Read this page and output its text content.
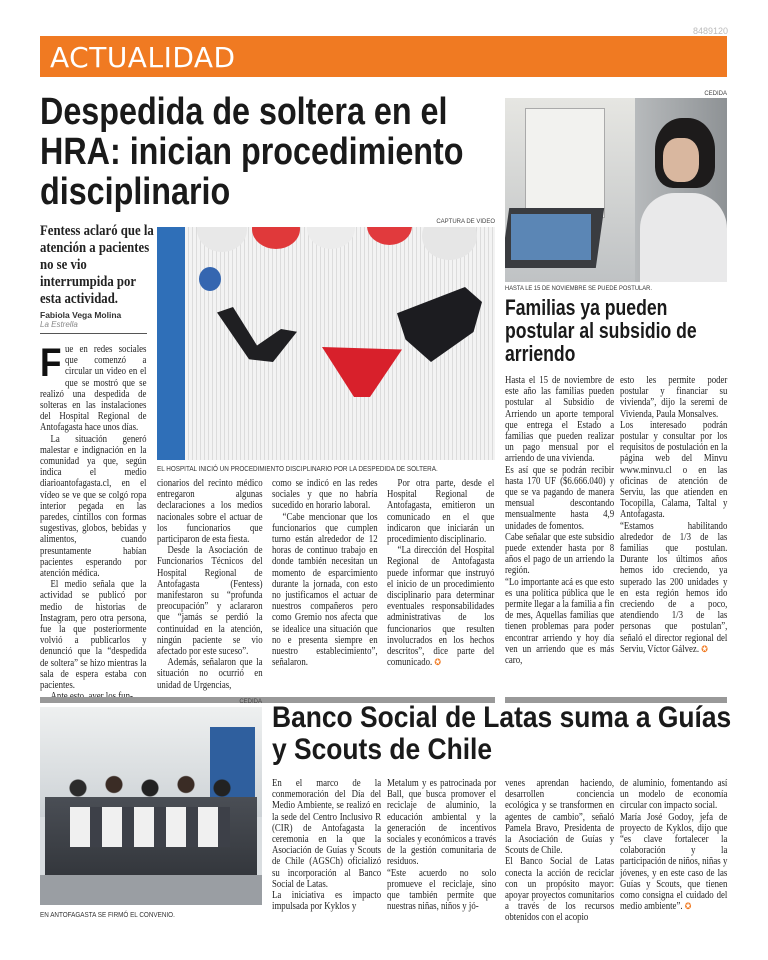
8489120
ACTUALIDAD
Despedida de soltera en el HRA: inician procedimiento disciplinario
Fentess aclaró que la atención a pacientes no se vio interrumpida por esta actividad.
Fabiola Vega Molina
La Estrella
CAPTURA DE VIDEO
EL HOSPITAL INICIÓ UN PROCEDIMIENTO DISCIPLINARIO POR LA DESPEDIDA DE SOLTERA.
F ue en redes sociales que comenzó a circular un video en el que se mostró que se realizó una despedida de solteras en las instalaciones del Hospital Regional de Antofagasta hace unos días.

La situación generó malestar e indignación en la comunidad ya que, según indica el medio diarioantofagasta.cl, en el vídeo se ve que se colgó ropa interior pegada en las paredes, cintillos con formas sugestivas, globos, bebidas y alimentos, cuando presuntamente habían pacientes esperando por atención médica.

El medio señala que la actividad se publicó por medio de historias de Instagram, pero otra persona, fue la que posteriormente volvió a publicarlos y denunció que la “despedida de soltera” se hizo mientras la sala de espera estaba con pacientes.

cionarios del recinto médico entregaron algunas declaraciones a los medios nacionales sobre el actuar de los funcionarios que participaron de esta fiesta.

Desde la Asociación de Funcionarios Técnicos del Hospital Regional de Antofagasta (Fentess) manifestaron su “profunda preocupación” y aclararon que “jamás se perdió la continuidad en la atención, ningún paciente se vio afectado por este suceso”.

Además, señalaron que la situación no ocurrió en unidad de Urgencias,

como se indicó en las redes sociales y que no habría sucedido en horario laboral.

“Cabe mencionar que los funcionarios que cumplen turno están alrededor de 12 horas de continuo trabajo en donde también necesitan un momento de esparcimiento durante la jornada, con esto no justificamos el actuar de nuestros compañeros pero como Gremio nos afecta que se idealice una situación que no e presenta siempre en nuestro establecimiento”, señalaron.

Por otra parte, desde el Hospital Regional de Antofagasta, emitieron un comunicado en el que indicaron que iniciarán un procedimiento disciplinario.

“La dirección del Hospital Regional de Antofagasta puede informar que instruyó el inicio de un procedimiento disciplinario para determinar eventuales responsabilidades administrativas de los funcionarios que resulten involucrados en los hechos descritos”, dice parte del comunicado. ✪

CEDIDA
HASTA LE 15 DE NOVIEMBRE SE PUEDE POSTULAR.
Familias ya pueden postular al subsidio de arriendo

Hasta el 15 de noviembre de este año las familias pueden postular al Subsidio de Arriendo un aporte temporal que entrega el Estado a familias que pueden realizar un pago mensual por el arriendo de una vivienda.

Es así que se podrán recibir hasta 170 UF ($6.666.040) y que se va pagando de manera mensual descontando mensualmente hasta 4,9 unidades de fomentos.

Cabe señalar que este subsidio puede extender hasta por 8 años el pago de un arriendo la región.

“Lo importante acá es que esto es una política pública que le permite llegar a la familia a fin de mes, Aquellas familias que tienen problemas para poder encontrar arriendo y hoy día ven un arriendo que es más caro,

esto les permite poder postular y financiar su vivienda”, dijo la seremi de Vivienda, Paula Monsalves.

Los interesado podrán postular y consultar por los requisitos de postulación en la página web del Minvu www.minvu.cl o en las oficinas de atención de Serviu, las que atienden en Tocopilla, Calama, Taltal y Antofagasta.

“Estamos habilitando alrededor de 1/3 de las familias que postulan. Durante los últimos años hemos ido creciendo, ya superado las 200 unidades y en esta región hemos ido creciendo de a poco, atendiendo 1/3 de las personas que postulan”, señaló el director regional del Serviu, Víctor Gálvez. ✪

CEDIDA
EN ANTOFAGASTA SE FIRMÓ EL CONVENIO.
Banco Social de Latas suma a Guías y Scouts de Chile

En el marco de la conmemoración del Día del Medio Ambiente, se realizó en la sede del Centro Inclusivo R (CIR) de Antofagasta la ceremonia en la que la Asociación de Guías y Scouts de Chile (AGSCh) oficializó su incorporación al Banco Social de Latas.

La iniciativa es impacto impulsada por Kyklos y

Metalum y es patrocinada por Ball, que busca promover el reciclaje de aluminio, la educación ambiental y la generación de incentivos sociales y económicos a través de la gestión comunitaria de residuos.

“Este acuerdo no solo promueve el reciclaje, sino que también permite que nuestras niñas, niños y jó-

venes aprendan haciendo, desarrollen conciencia ecológica y se transformen en agentes de cambio”, señaló Pamela Bravo, Presidenta de la Asociación de Guías y Scouts de Chile.

El Banco Social de Latas conecta la acción de reciclar con un propósito mayor: apoyar proyectos comunitarios a través de los recursos obtenidos con el acopio

de aluminio, fomentando así un modelo de economía circular con impacto social.

María José Godoy, jefa de proyecto de Kyklos, dijo que “es clave fortalecer la colaboración y la participación de niños, niñas y jóvenes, y en este caso de las Guías y Scouts, que tienen como consigna el cuidado del medio ambiente”. ✪
